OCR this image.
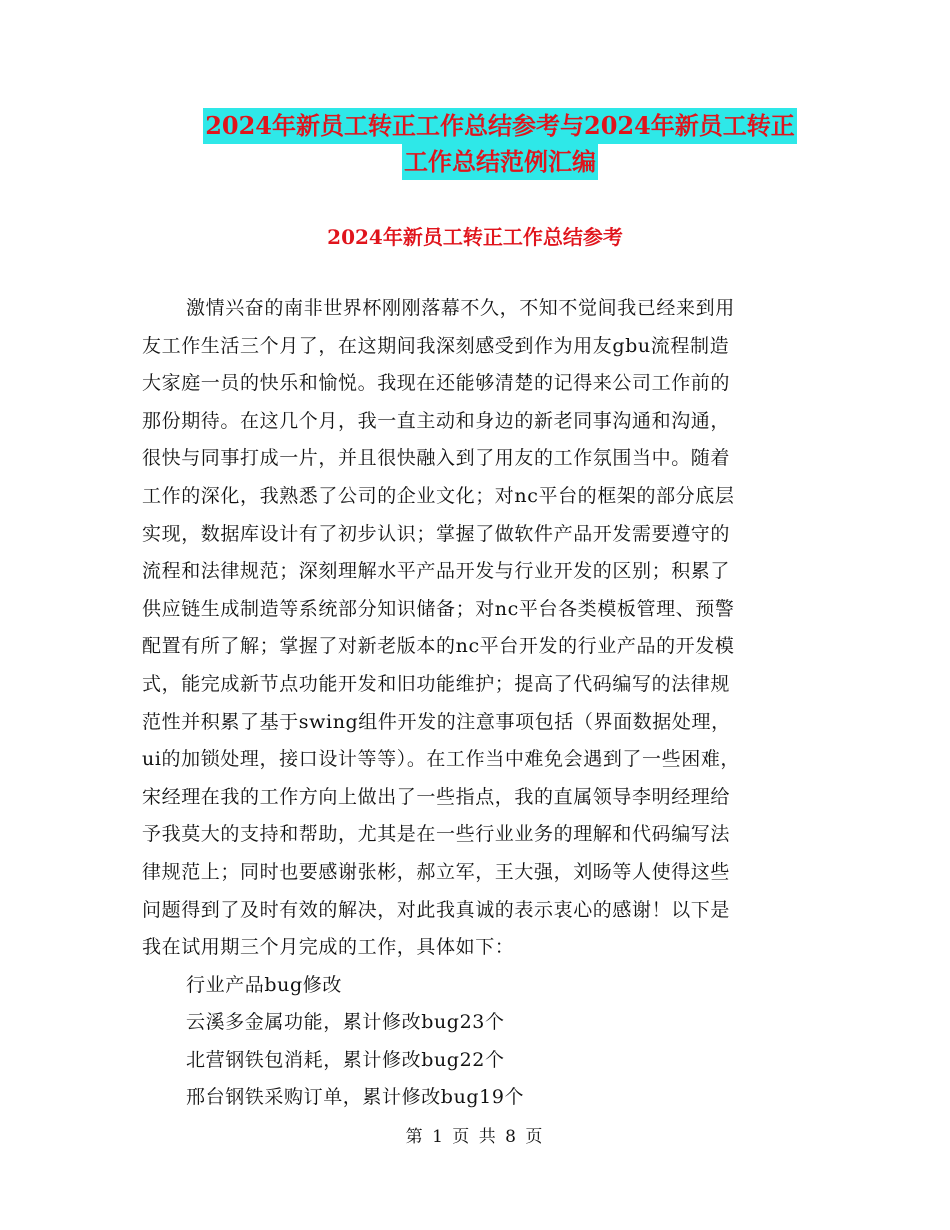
2024年新员工转正工作总结参考与2024年新员工转正
工作总结范例汇编
2024年新员工转正工作总结参考
激情兴奋的南非世界杯刚刚落幕不久，不知不觉间我已经来到用
友工作生活三个月了，在这期间我深刻感受到作为用友gbu流程制造
大家庭一员的快乐和愉悦。我现在还能够清楚的记得来公司工作前的
那份期待。在这几个月，我一直主动和身边的新老同事沟通和沟通，
很快与同事打成一片，并且很快融入到了用友的工作氛围当中。随着
工作的深化，我熟悉了公司的企业文化；对nc平台的框架的部分底层
实现，数据库设计有了初步认识；掌握了做软件产品开发需要遵守的
流程和法律规范；深刻理解水平产品开发与行业开发的区别；积累了
供应链生成制造等系统部分知识储备；对nc平台各类模板管理、预警
配置有所了解；掌握了对新老版本的nc平台开发的行业产品的开发模
式，能完成新节点功能开发和旧功能维护；提高了代码编写的法律规
范性并积累了基于swing组件开发的注意事项包括（界面数据处理，
ui的加锁处理，接口设计等等）。在工作当中难免会遇到了一些困难，
宋经理在我的工作方向上做出了一些指点，我的直属领导李明经理给
予我莫大的支持和帮助，尤其是在一些行业业务的理解和代码编写法
律规范上；同时也要感谢张彬，郝立军，王大强，刘旸等人使得这些
问题得到了及时有效的解决，对此我真诚的表示衷心的感谢！以下是
我在试用期三个月完成的工作，具体如下：
行业产品bug修改
云溪多金属功能，累计修改bug23个
北营钢铁包消耗，累计修改bug22个
邢台钢铁采购订单，累计修改bug19个
第 1 页 共 8 页
